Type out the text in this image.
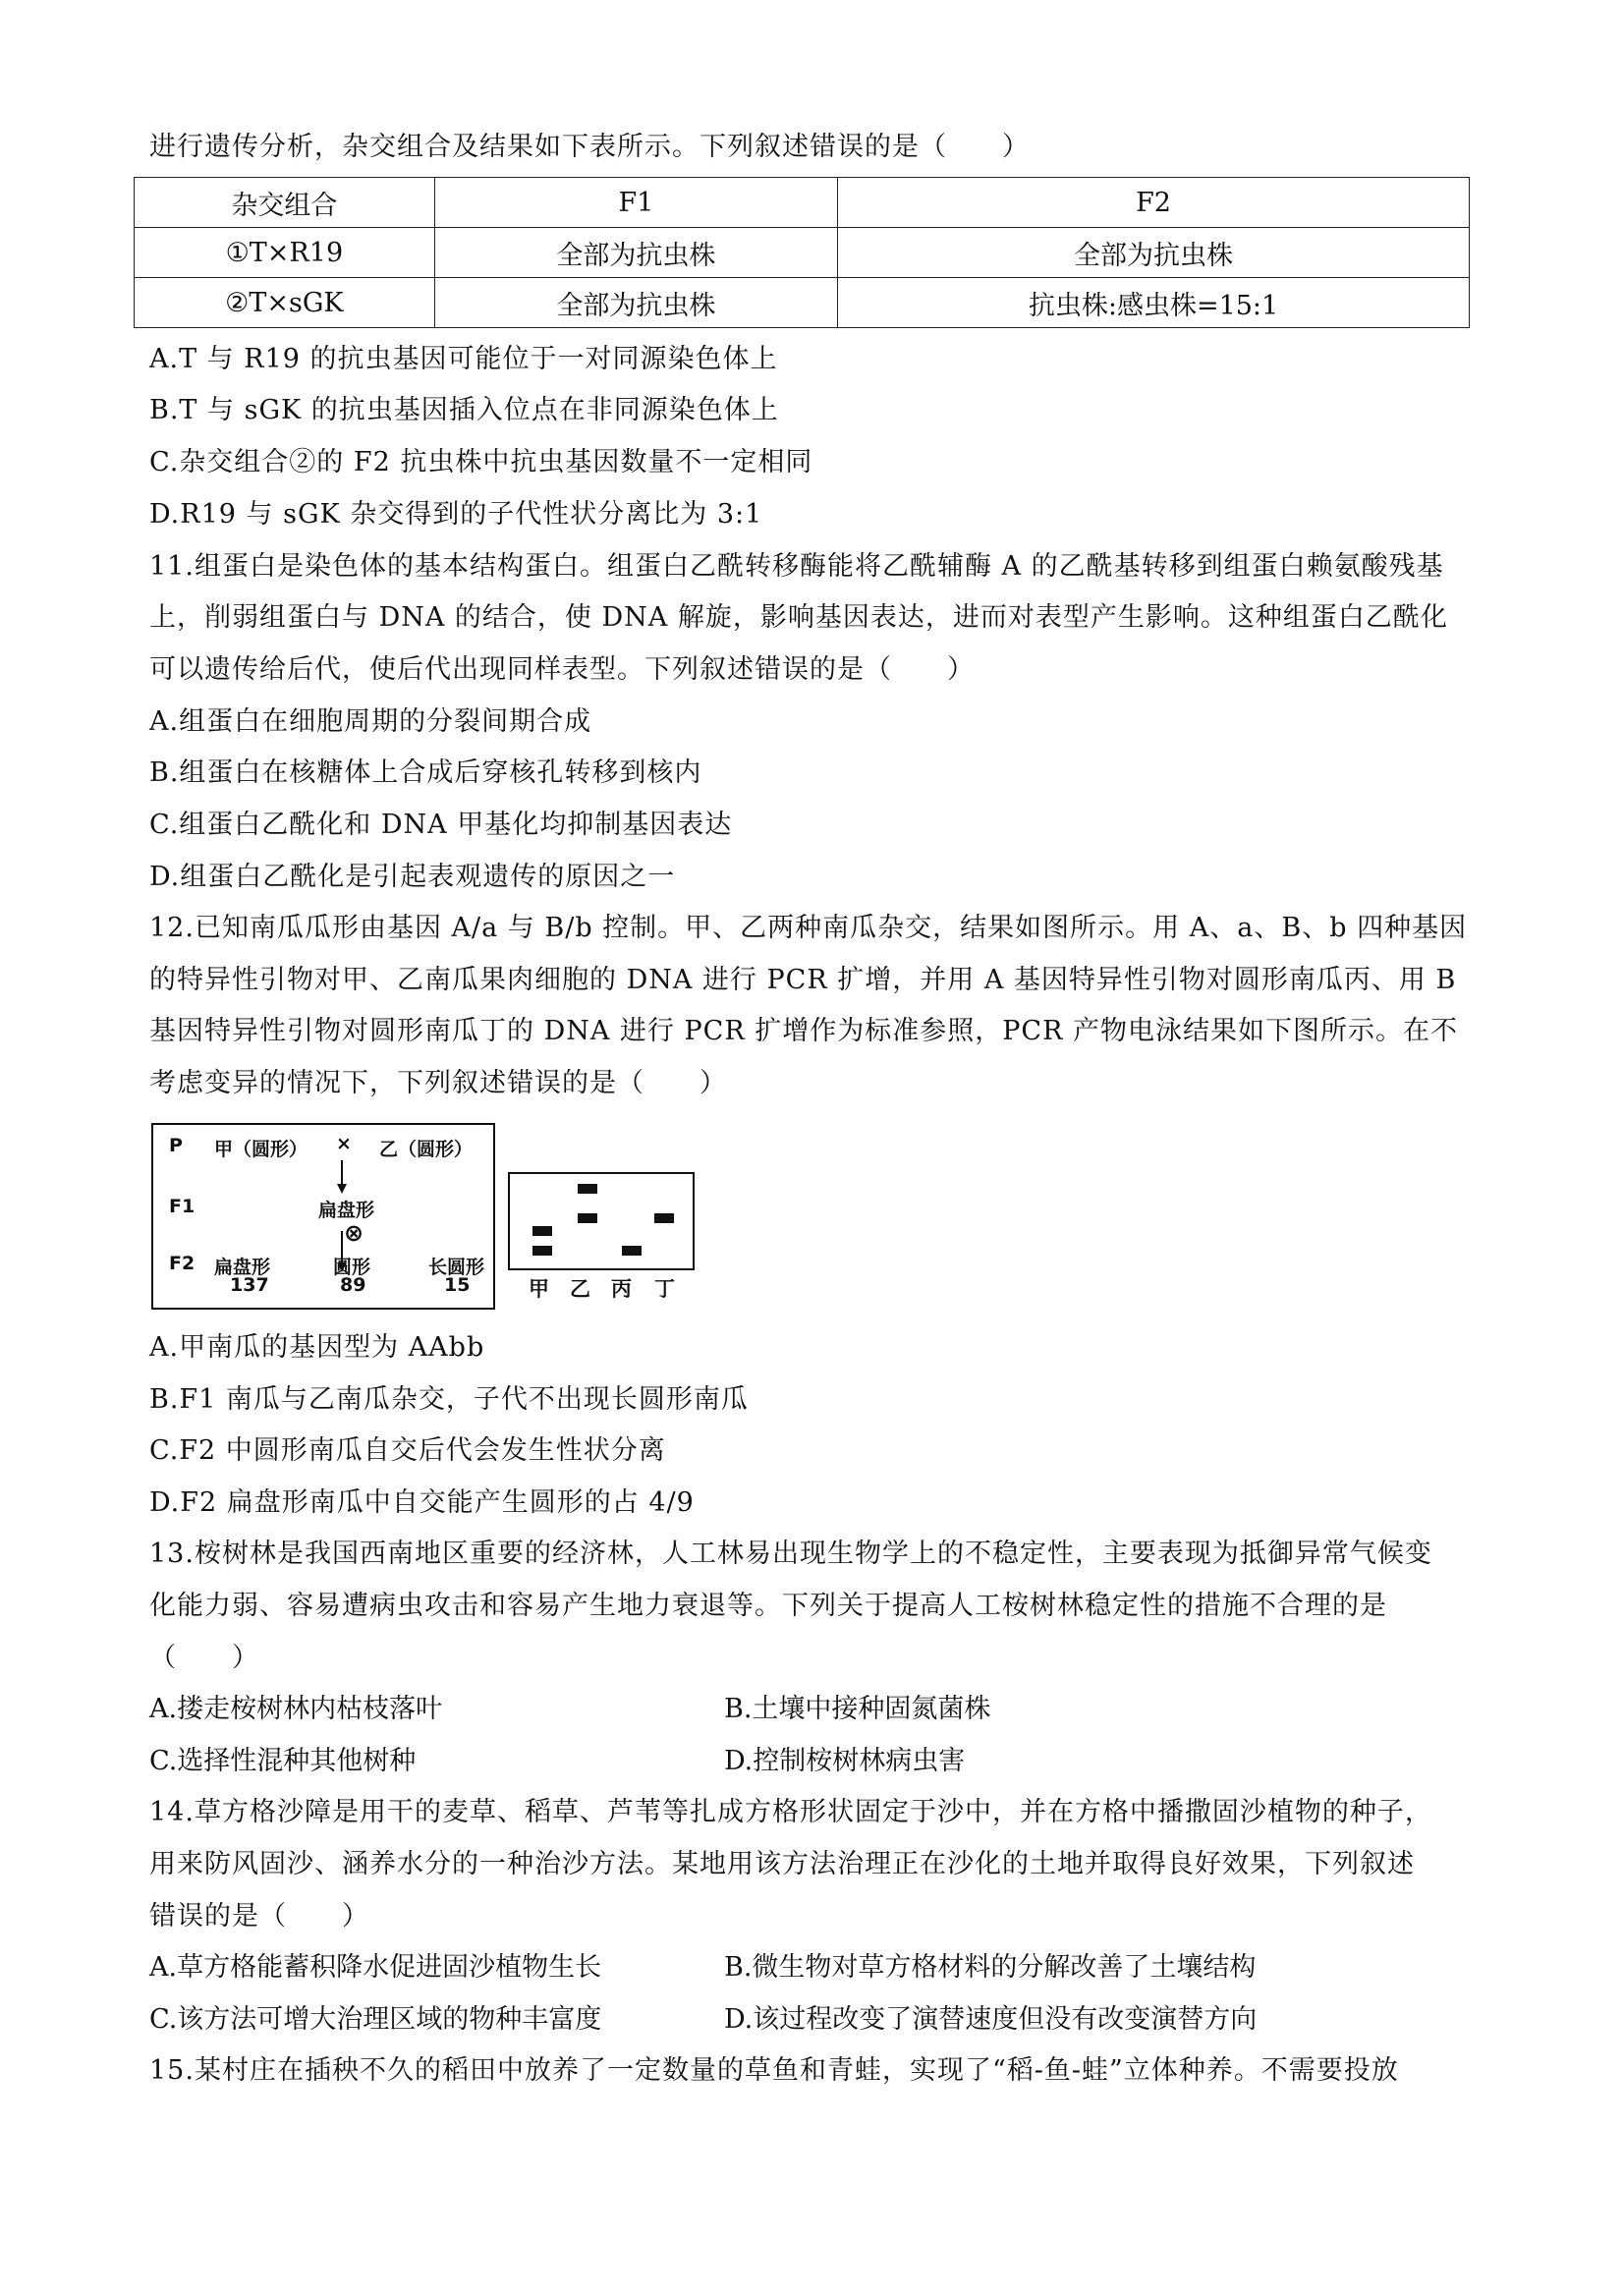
进行遗传分析，杂交组合及结果如下表所示。下列叙述错误的是（　　）
杂交组合	F1	F2
①T×R19	全部为抗虫株	全部为抗虫株
②T×sGK	全部为抗虫株	抗虫株:感虫株=15:1
A.T 与 R19 的抗虫基因可能位于一对同源染色体上
B.T 与 sGK 的抗虫基因插入位点在非同源染色体上
C.杂交组合②的 F2 抗虫株中抗虫基因数量不一定相同
D.R19 与 sGK 杂交得到的子代性状分离比为 3:1
11.组蛋白是染色体的基本结构蛋白。组蛋白乙酰转移酶能将乙酰辅酶 A 的乙酰基转移到组蛋白赖氨酸残基
上，削弱组蛋白与 DNA 的结合，使 DNA 解旋，影响基因表达，进而对表型产生影响。这种组蛋白乙酰化
可以遗传给后代，使后代出现同样表型。下列叙述错误的是（　　）
A.组蛋白在细胞周期的分裂间期合成
B.组蛋白在核糖体上合成后穿核孔转移到核内
C.组蛋白乙酰化和 DNA 甲基化均抑制基因表达
D.组蛋白乙酰化是引起表观遗传的原因之一
12.已知南瓜瓜形由基因 A/a 与 B/b 控制。甲、乙两种南瓜杂交，结果如图所示。用 A、a、B、b 四种基因
的特异性引物对甲、乙南瓜果肉细胞的 DNA 进行 PCR 扩增，并用 A 基因特异性引物对圆形南瓜丙、用 B
基因特异性引物对圆形南瓜丁的 DNA 进行 PCR 扩增作为标准参照，PCR 产物电泳结果如下图所示。在不
考虑变异的情况下，下列叙述错误的是（　　）
P 甲（圆形） × 乙（圆形）
F1	扁盘形
⊗
F2 扁盘形
137
圆形
89
长圆形
15	甲 乙 丙 丁
A.甲南瓜的基因型为 AAbb
B.F1 南瓜与乙南瓜杂交，子代不出现长圆形南瓜
C.F2 中圆形南瓜自交后代会发生性状分离
D.F2 扁盘形南瓜中自交能产生圆形的占 4/9
13.桉树林是我国西南地区重要的经济林，人工林易出现生物学上的不稳定性，主要表现为抵御异常气候变
化能力弱、容易遭病虫攻击和容易产生地力衰退等。下列关于提高人工桉树林稳定性的措施不合理的是
（　　）
A.搂走桉树林内枯枝落叶	B.土壤中接种固氮菌株
C.选择性混种其他树种	D.控制桉树林病虫害
14.草方格沙障是用干的麦草、稻草、芦苇等扎成方格形状固定于沙中，并在方格中播撒固沙植物的种子，
用来防风固沙、涵养水分的一种治沙方法。某地用该方法治理正在沙化的土地并取得良好效果，下列叙述
错误的是（　　）
A.草方格能蓄积降水促进固沙植物生长	B.微生物对草方格材料的分解改善了土壤结构
C.该方法可增大治理区域的物种丰富度	D.该过程改变了演替速度但没有改变演替方向
15.某村庄在插秧不久的稻田中放养了一定数量的草鱼和青蛙，实现了“稻-鱼-蛙”立体种养。不需要投放
